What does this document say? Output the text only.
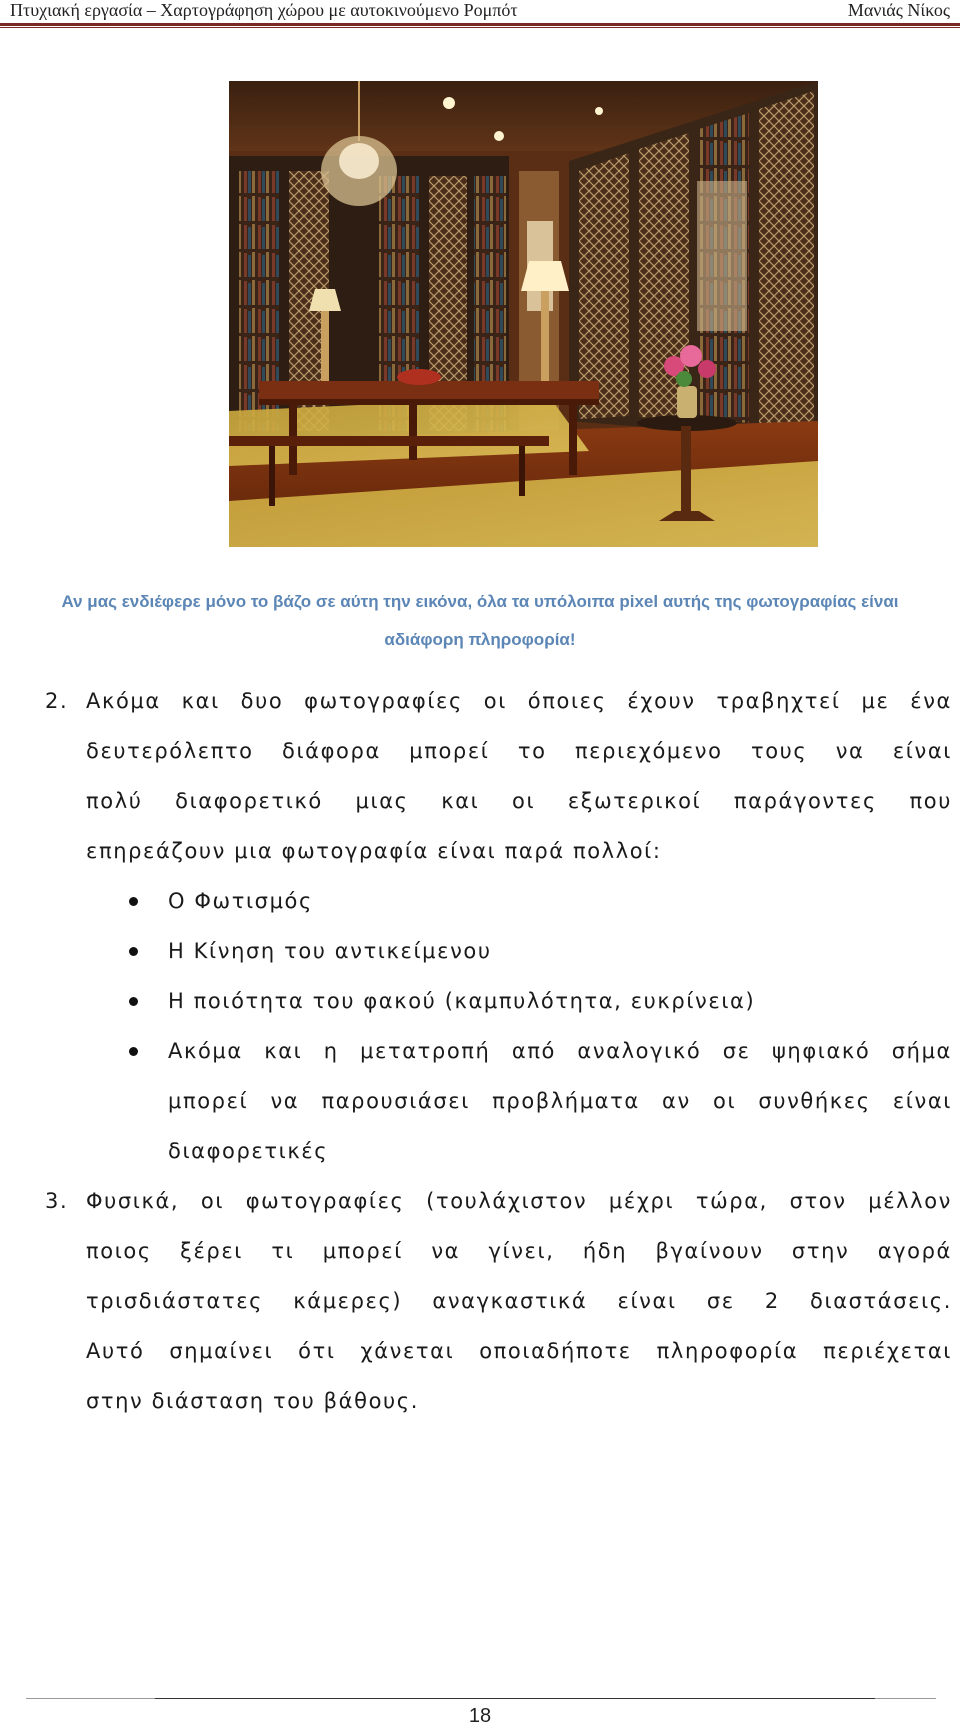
Πτυχιακή εργασία – Χαρτογράφηση χώρου με αυτοκινούμενο Ρομπότ	Μανιάς Νίκος
Αν μας ενδιέφερε μόνο το βάζο σε αύτη την εικόνα, όλα τα υπόλοιπα pixel αυτής της φωτογραφίας είναι
αδιάφορη πληροφορία!
2. Ακόμα και δυο φωτογραφίες οι όποιες έχουν τραβηχτεί με ένα
δευτερόλεπτο διάφορα μπορεί το περιεχόμενο τους να είναι
πολύ διαφορετικό μιας και οι εξωτερικοί παράγοντες που
επηρεάζουν μια φωτογραφία είναι παρά πολλοί:
Ο Φωτισμός
Η Κίνηση του αντικείμενου
Η ποιότητα του φακού (καμπυλότητα, ευκρίνεια)
Ακόμα και η μετατροπή από αναλογικό σε ψηφιακό σήμα
μπορεί να παρουσιάσει προβλήματα αν οι συνθήκες είναι
διαφορετικές
3. Φυσικά, οι φωτογραφίες (τουλάχιστον μέχρι τώρα, στον μέλλον
ποιος ξέρει τι μπορεί να γίνει, ήδη βγαίνουν στην αγορά
τρισδιάστατες κάμερες) αναγκαστικά είναι σε 2 διαστάσεις.
Αυτό σημαίνει ότι χάνεται οποιαδήποτε πληροφορία περιέχεται
στην διάσταση του βάθους.
18
